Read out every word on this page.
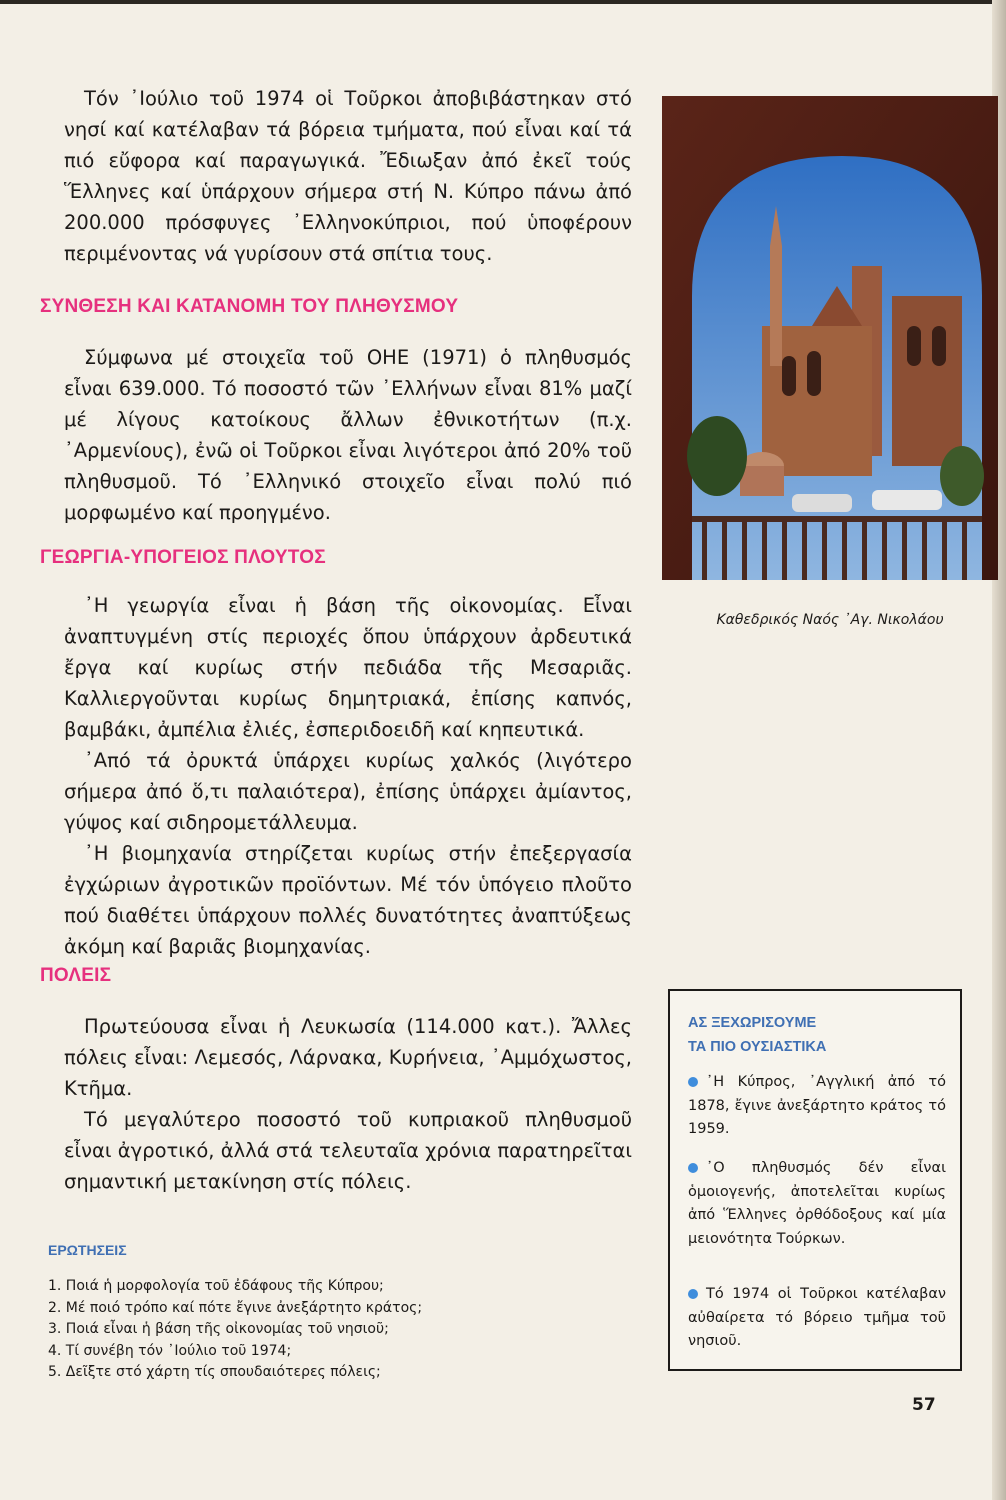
Τόν ᾿Ιούλιο τοῦ 1974 οἱ Τοῦρκοι ἀποβιβάστηκαν στό νησί καί κατέλαβαν τά βόρεια τμήματα, πού εἶναι καί τά πιό εὔφορα καί παραγωγικά. Ἔδιωξαν ἀπό ἐκεῖ τούς Ἕλληνες καί ὑπάρχουν σήμερα στή Ν. Κύπρο πάνω ἀπό 200.000 πρόσφυγες ᾿Ελληνοκύπριοι, πού ὑποφέρουν περιμένοντας νά γυρίσουν στά σπίτια τους.

ΣΥΝΘΕΣΗ ΚΑΙ ΚΑΤΑΝΟΜΗ ΤΟΥ ΠΛΗΘΥΣΜΟΥ

Σύμφωνα μέ στοιχεῖα τοῦ ΟΗΕ (1971) ὁ πληθυσμός εἶναι 639.000. Τό ποσοστό τῶν ᾿Ελλήνων εἶναι 81% μαζί μέ λίγους κατοίκους ἄλλων ἐθνικοτήτων (π.χ. ᾿Αρμενίους), ἐνῶ οἱ Τοῦρκοι εἶναι λιγότεροι ἀπό 20% τοῦ πληθυσμοῦ. Τό ᾿Ελληνικό στοιχεῖο εἶναι πολύ πιό μορφωμένο καί προηγμένο.

ΓΕΩΡΓΙΑ-ΥΠΟΓΕΙΟΣ ΠΛΟΥΤΟΣ

᾿Η γεωργία εἶναι ἡ βάση τῆς οἰκονομίας. Εἶναι ἀναπτυγμένη στίς περιοχές ὅπου ὑπάρχουν ἀρδευτικά ἔργα καί κυρίως στήν πεδιάδα τῆς Μεσαριᾶς. Καλλιεργοῦνται κυρίως δημητριακά, ἐπίσης καπνός, βαμβάκι, ἀμπέλια ἐλιές, ἐσπεριδοειδῆ καί κηπευτικά.

᾿Από τά ὀρυκτά ὑπάρχει κυρίως χαλκός (λιγότερο σήμερα ἀπό ὅ,τι παλαιότερα), ἐπίσης ὑπάρχει ἀμίαντος, γύψος καί σιδηρομετάλλευμα.

᾿Η βιομηχανία στηρίζεται κυρίως στήν ἐπεξεργασία ἐγχώριων ἀγροτικῶν προϊόντων. Μέ τόν ὑπόγειο πλοῦτο πού διαθέτει ὑπάρχουν πολλές δυνατότητες ἀναπτύξεως ἀκόμη καί βαριᾶς βιομηχανίας.

ΠΟΛΕΙΣ

Πρωτεύουσα εἶναι ἡ Λευκωσία (114.000 κατ.). Ἄλλες πόλεις εἶναι: Λεμεσός, Λάρνακα, Κυρήνεια, ᾿Αμμόχωστος, Κτῆμα.

Τό μεγαλύτερο ποσοστό τοῦ κυπριακοῦ πληθυσμοῦ εἶναι ἀγροτικό, ἀλλά στά τελευταῖα χρόνια παρατηρεῖται σημαντική μετακίνηση στίς πόλεις.

ΕΡΩΤΗΣΕΙΣ
1. Ποιά ἡ μορφολογία τοῦ ἐδάφους τῆς Κύπρου;
2. Μέ ποιό τρόπο καί πότε ἔγινε ἀνεξάρτητο κράτος;
3. Ποιά εἶναι ἡ βάση τῆς οἰκονομίας τοῦ νησιοῦ;
4. Τί συνέβη τόν ᾿Ιούλιο τοῦ 1974;
5. Δεῖξτε στό χάρτη τίς σπουδαιότερες πόλεις;
Καθεδρικός Ναός ᾿Αγ. Νικολάου
ΑΣ ΞΕΧΩΡΙΣΟΥΜΕ
ΤΑ ΠΙΟ ΟΥΣΙΑΣΤΙΚΑ
᾿Η Κύπρος, ᾿Αγγλική ἀπό τό 1878, ἔγινε ἀνεξάρτητο κράτος τό 1959.
᾿Ο πληθυσμός δέν εἶναι ὁμοιογενής, ἀποτελεῖται κυρίως ἀπό Ἕλληνες ὀρθόδοξους καί μία μειονότητα Τούρκων.
Τό 1974 οἱ Τοῦρκοι κατέλαβαν αὐθαίρετα τό βόρειο τμῆμα τοῦ νησιοῦ.
57
